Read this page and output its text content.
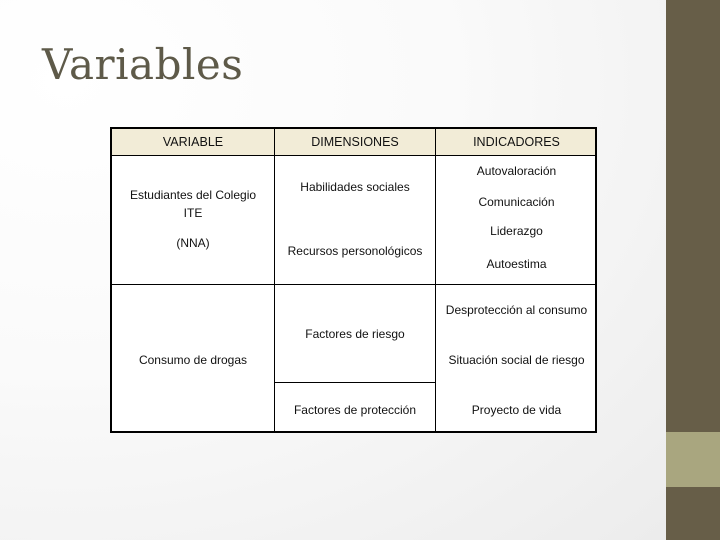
Variables
VARIABLE	DIMENSIONES	INDICADORES
Estudiantes del Colegio
ITE
(NNA)
Habilidades sociales
Recursos personológicos
Autovaloración
Comunicación
Liderazgo
Autoestima
Consumo de drogas
Factores de riesgo
Factores de protección
Desprotección al consumo
Situación social de riesgo
Proyecto de vida
